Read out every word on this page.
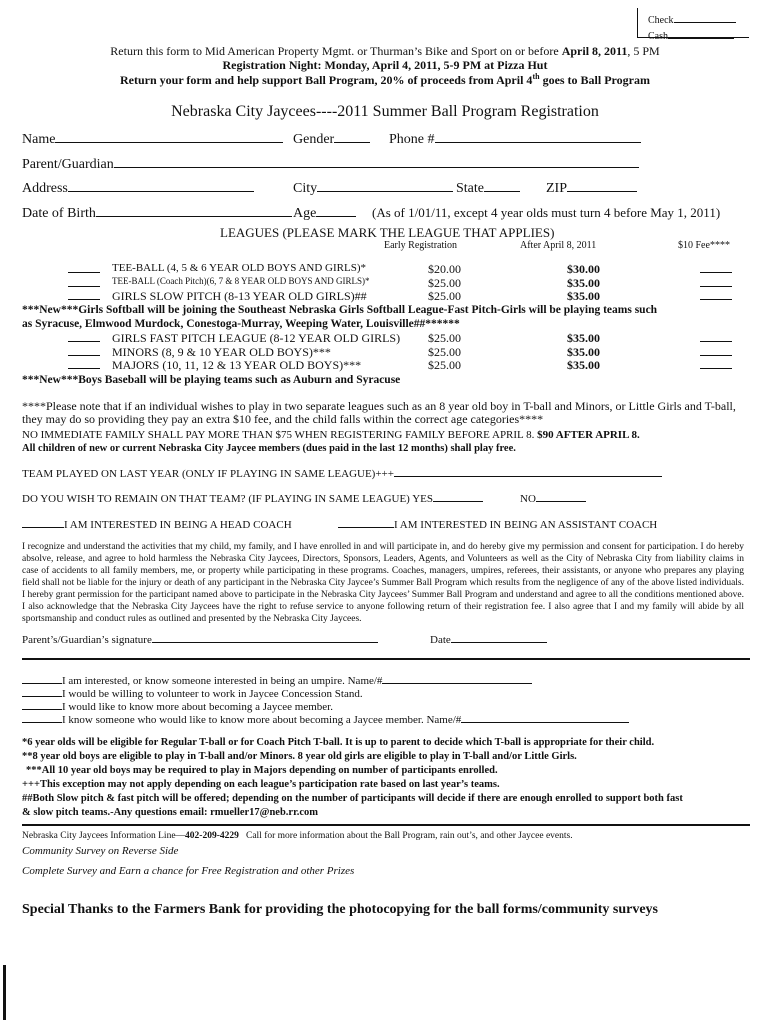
Check
Cash
Return this form to Mid American Property Mgmt. or Thurman’s Bike and Sport on or before April 8, 2011, 5 PM
Registration Night: Monday, April 4, 2011, 5-9 PM at Pizza Hut
Return your form and help support Ball Program, 20% of proceeds from April 4th goes to Ball Program
Nebraska City Jaycees----2011 Summer Ball Program Registration
Name	Gender	Phone #
Parent/Guardian
Address	City	State	ZIP
Date of Birth	Age	(As of 1/01/11, except 4 year olds must turn 4 before May 1, 2011)
LEAGUES (PLEASE MARK THE LEAGUE THAT APPLIES)
Early Registration	After April 8, 2011	$10 Fee****
TEE-BALL (4, 5 & 6 YEAR OLD BOYS AND GIRLS)*	$20.00	$30.00
TEE-BALL (Coach Pitch)(6, 7 & 8 YEAR OLD BOYS AND GIRLS)*	$25.00	$35.00
GIRLS SLOW PITCH (8-13 YEAR OLD GIRLS)##	$25.00	$35.00
***New***Girls Softball will be joining the Southeast Nebraska Girls Softball League-Fast Pitch-Girls will be playing teams such
as Syracuse, Elmwood Murdock, Conestoga-Murray, Weeping Water, Louisville##******
GIRLS FAST PITCH LEAGUE (8-12 YEAR OLD GIRLS) $25.00	$35.00
MINORS (8, 9 & 10 YEAR OLD BOYS)***	$25.00	$35.00
MAJORS (10, 11, 12 & 13 YEAR OLD BOYS)***	$25.00	$35.00
***New***Boys Baseball will be playing teams such as Auburn and Syracuse
****Please note that if an individual wishes to play in two separate leagues such as an 8 year old boy in T-ball and Minors, or Little Girls and T-ball, they may do so providing they pay an extra $10 fee, and the child falls within the correct age categories****
NO IMMEDIATE FAMILY SHALL PAY MORE THAN $75 WHEN REGISTERING FAMILY BEFORE APRIL 8. $90 AFTER APRIL 8.
All children of new or current Nebraska City Jaycee members (dues paid in the last 12 months) shall play free.
TEAM PLAYED ON LAST YEAR (ONLY IF PLAYING IN SAME LEAGUE)+++
DO YOU WISH TO REMAIN ON THAT TEAM? (IF PLAYING IN SAME LEAGUE) YES	NO
I AM INTERESTED IN BEING A HEAD COACH	I AM INTERESTED IN BEING AN ASSISTANT COACH
I recognize and understand the activities that my child, my family, and I have enrolled in and will participate in, and do hereby give my permission and consent for participation. I do hereby absolve, release, and agree to hold harmless the Nebraska City Jaycees, Directors, Sponsors, Leaders, Agents, and Volunteers as well as the City of Nebraska City from liability claims in case of accidents to all family members, me, or property while participating in these programs. Coaches, managers, umpires, referees, their assistants, or anyone who prepares any playing field shall not be liable for the injury or death of any participant in the Nebraska City Jaycee’s Summer Ball Program which results from the negligence of any of the above listed individuals. I hereby grant permission for the participant named above to participate in the Nebraska City Jaycees’ Summer Ball Program and understand and agree to all the conditions mentioned above. I also acknowledge that the Nebraska City Jaycees have the right to refuse service to anyone following return of their registration fee. I also agree that I and my family will abide by all sportsmanship and conduct rules as outlined and presented by the Nebraska City Jaycees.
Parent’s/Guardian’s signature	Date
I am interested, or know someone interested in being an umpire. Name/#
I would be willing to volunteer to work in Jaycee Concession Stand.
I would like to know more about becoming a Jaycee member.
I know someone who would like to know more about becoming a Jaycee member. Name/#
*6 year olds will be eligible for Regular T-ball or for Coach Pitch T-ball. It is up to parent to decide which T-ball is appropriate for their child.
**8 year old boys are eligible to play in T-ball and/or Minors. 8 year old girls are eligible to play in T-ball and/or Little Girls.
***All 10 year old boys may be required to play in Majors depending on number of participants enrolled.
+++This exception may not apply depending on each league’s participation rate based on last year’s teams.
##Both Slow pitch & fast pitch will be offered; depending on the number of participants will decide if there are enough enrolled to support both fast
& slow pitch teams.-Any questions email: rmueller17@neb.rr.com
Nebraska City Jaycees Information Line—402-209-4229 Call for more information about the Ball Program, rain out’s, and other Jaycee events.
Community Survey on Reverse Side
Complete Survey and Earn a chance for Free Registration and other Prizes
Special Thanks to the Farmers Bank for providing the photocopying for the ball forms/community surveys
